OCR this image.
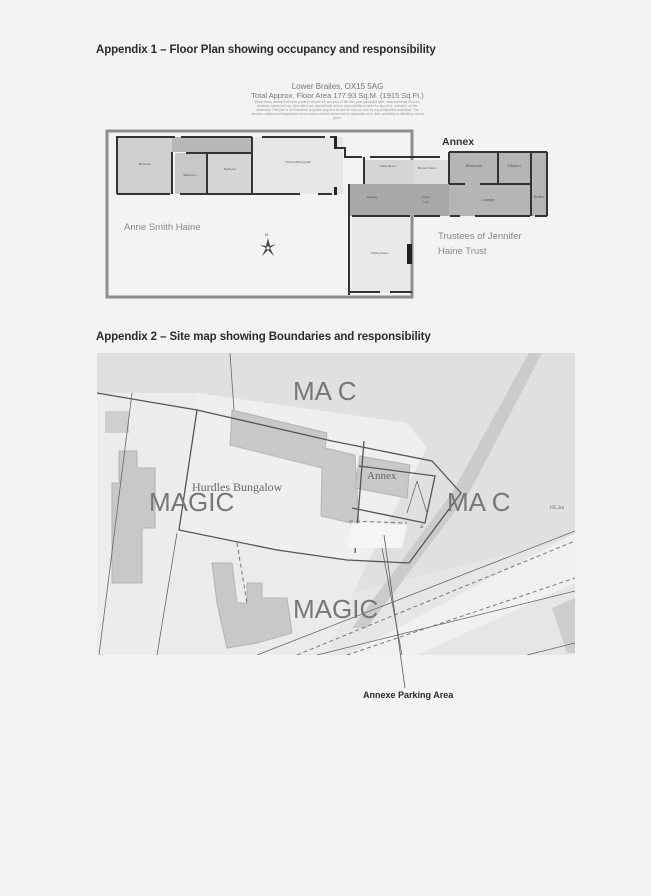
Appendix 1 – Floor Plan showing occupancy and responsibility
Lower Brailes, OX15 5AG
Total Approx. Floor Area 177.93 Sq.M. (1915 Sq.Ft.)
Whilst every attempt has been made to ensure the accuracy of the floor plan contained here, measurements of doors, windows, rooms and any other items are approximate and no responsibility is taken for any error, omission, or mis-statement. This plan is for illustrative purposes only and should be used as such by any prospective purchaser. The services, systems and appliances shown have not been tested and no guarantee as to their operability or efficiency can be given.
Bedroom
Bathroom
Bedroom
Kitchen/Dining Hall
Utility Room	Shower Room
Hallway	Annex
Hall
Bedroom	Kitchen
Lounge
Boiler
Sitting Room
N
Annex
Anne Smith Haine
Trustees of Jennifer
Haine Trust
Appendix 2 – Site map showing Boundaries and responsibility
MA C
MAGIC	MA C
MAGIC
Hurdles Bungalow
Annex
105.3m
al
Annexe Parking Area
